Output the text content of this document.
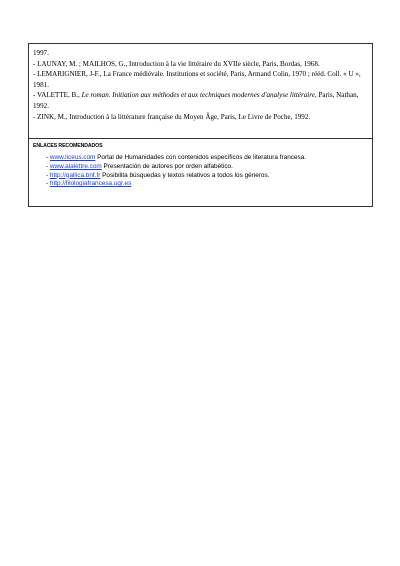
1997.

- LAUNAY, M. ; MAILHOS, G., Introduction à la vie littéraire du XVIIe siècle, Paris, Bordas, 1968.

- LEMARIGNIER, J-F., La France médiévale. Institutions et société, Paris, Armand Colin, 1970 ; rééd. Coll. « U », 1981.

- VALETTE, B., Le roman. Initiation aux méthodes et aux techniques modernes d'analyse littéraire, Paris, Nathan, 1992.

- ZINK, M., Introduction à la littérature française du Moyen Âge, Paris, Le Livre de Poche, 1992.

ENLACES RECOMENDADOS
- www.liceus.com Portal de Humanidades con contenidos específicos de literatura francesa.
- www.alalettre.com Presentación de autores por orden alfabético.
- http://gallica.bnf.fr Posibilita búsquedas y textos relativos a todos los géneros.
- http://filologiafrancesa.ugr.es
